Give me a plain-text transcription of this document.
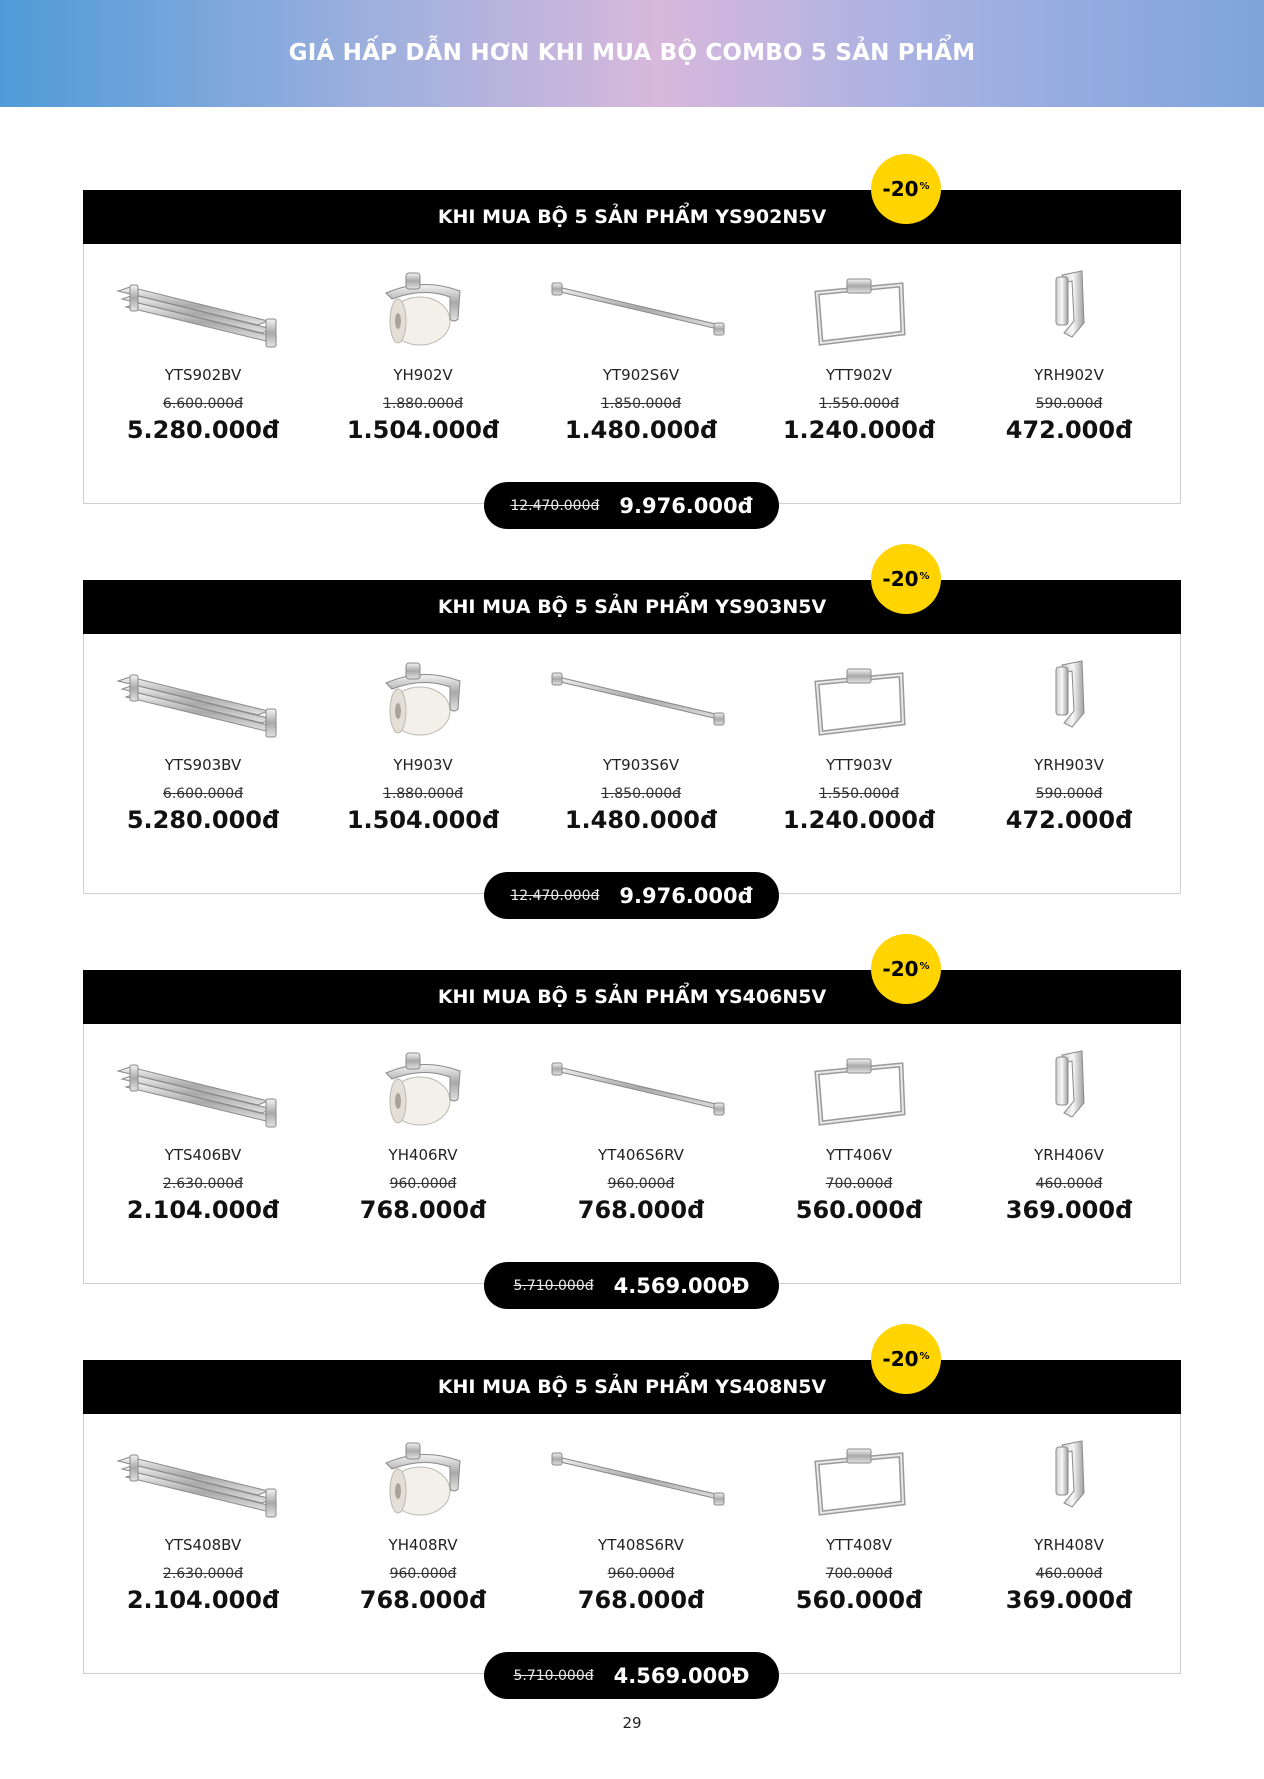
GIÁ HẤP DẪN HƠN KHI MUA BỘ COMBO 5 SẢN PHẨM
KHI MUA BỘ 5 SẢN PHẨM YS902N5V
-20%
YTS902BV
6.600.000đ
5.280.000đ
YH902V
1.880.000đ
1.504.000đ
YT902S6V
1.850.000đ
1.480.000đ
YTT902V
1.550.000đ
1.240.000đ
YRH902V
590.000đ
472.000đ
12.470.000đ 9.976.000đ
KHI MUA BỘ 5 SẢN PHẨM YS903N5V
-20%
YTS903BV
6.600.000đ
5.280.000đ
YH903V
1.880.000đ
1.504.000đ
YT903S6V
1.850.000đ
1.480.000đ
YTT903V
1.550.000đ
1.240.000đ
YRH903V
590.000đ
472.000đ
12.470.000đ 9.976.000đ
KHI MUA BỘ 5 SẢN PHẨM YS406N5V
-20%
YTS406BV
2.630.000đ
2.104.000đ
YH406RV
960.000đ
768.000đ
YT406S6RV
960.000đ
768.000đ
YTT406V
700.000đ
560.000đ
YRH406V
460.000đ
369.000đ
5.710.000đ 4.569.000Đ
KHI MUA BỘ 5 SẢN PHẨM YS408N5V
-20%
YTS408BV
2.630.000đ
2.104.000đ
YH408RV
960.000đ
768.000đ
YT408S6RV
960.000đ
768.000đ
YTT408V
700.000đ
560.000đ
YRH408V
460.000đ
369.000đ
5.710.000đ 4.569.000Đ
29
